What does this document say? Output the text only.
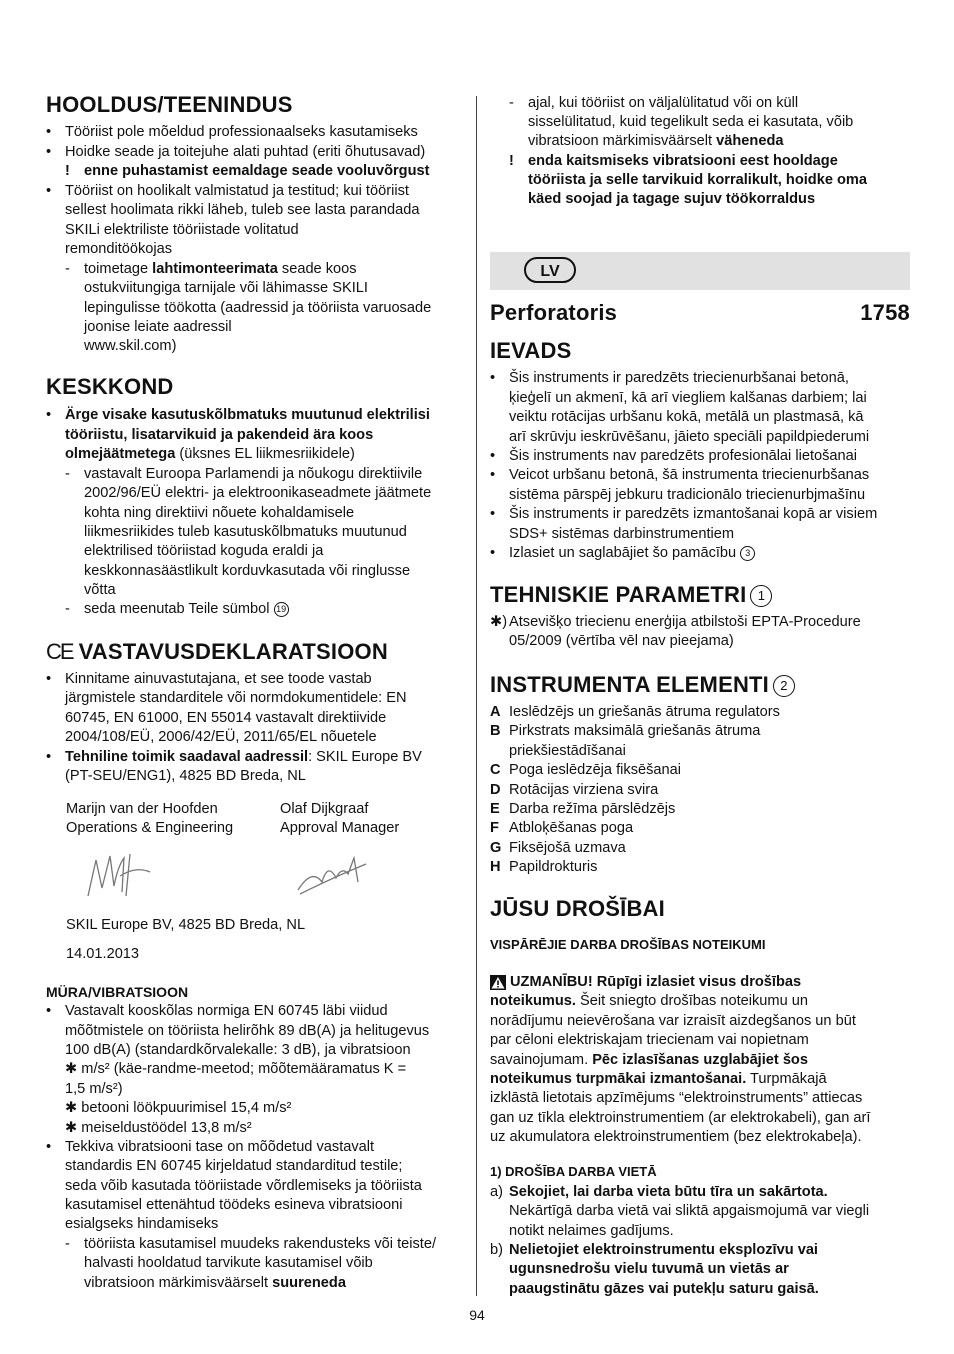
HOOLDUS/TEENINDUS
• Tööriist pole mõeldud professionaalseks kasutamiseks
• Hoidke seade ja toitejuhe alati puhtad (eriti õhutusavad)
! enne puhastamist eemaldage seade vooluvõrgust
• Tööriist on hoolikalt valmistatud ja testitud; kui tööriist
sellest hoolimata rikki läheb, tuleb see lasta parandada
SKILi elektriliste tööriistade volitatud
remonditöökojas
- toimetage lahtimonteerimata seade koos
ostukviitungiga tarnijale või lähimasse SKILI
lepingulisse töökotta (aadressid ja tööriista varuosade
joonise leiate aadressil
www.skil.com)
KESKKOND
• Ärge visake kasutuskõlbmatuks muutunud elektrilisi
tööriistu, lisatarvikuid ja pakendeid ära koos
olmejäätmetega (üksnes EL liikmesriikidele)
- vastavalt Euroopa Parlamendi ja nõukogu direktiivile
2002/96/EÜ elektri- ja elektroonikaseadmete jäätmete
kohta ning direktiivi nõuete kohaldamisele
liikmesriikides tuleb kasutuskõlbmatuks muutunud
elektrilised tööriistad koguda eraldi ja
keskkonnasäästlikult korduvkasutada või ringlusse
võtta
- seda meenutab Teile sümbol 19
CE VASTAVUSDEKLARATSIOON
• Kinnitame ainuvastutajana, et see toode vastab
järgmistele standarditele või normdokumentidele: EN
60745, EN 61000, EN 55014 vastavalt direktiivide
2004/108/EÜ, 2006/42/EÜ, 2011/65/EL nõuetele
• Tehniline toimik saadaval aadressil: SKIL Europe BV
(PT-SEU/ENG1), 4825 BD Breda, NL
Marijn van der Hoofden
Operations & Engineering
Olaf Dijkgraaf
Approval Manager
SKIL Europe BV, 4825 BD Breda, NL
14.01.2013
MÜRA/VIBRATSIOON
• Vastavalt kooskõlas normiga EN 60745 läbi viidud
mõõtmistele on tööriista helirõhk 89 dB(A) ja helitugevus
100 dB(A) (standardkõrvalekalle: 3 dB), ja vibratsioon
✱ m/s² (käe-randme-meetod; mõõtemääramatus K =
1,5 m/s²)
✱ betooni löökpuurimisel 15,4 m/s²
✱ meiseldustöödel 13,8 m/s²
• Tekkiva vibratsiooni tase on mõõdetud vastavalt
standardis EN 60745 kirjeldatud standarditud testile;
seda võib kasutada tööriistade võrdlemiseks ja tööriista
kasutamisel ettenähtud töödeks esineva vibratsiooni
esialgseks hindamiseks
- tööriista kasutamisel muudeks rakendusteks või teiste/
halvasti hooldatud tarvikute kasutamisel võib
vibratsioon märkimisväärselt suureneda
- ajal, kui tööriist on väljalülitatud või on küll
sisselülitatud, kuid tegelikult seda ei kasutata, võib
vibratsioon märkimisväärselt väheneda
! enda kaitsmiseks vibratsiooni eest hooldage
tööriista ja selle tarvikuid korralikult, hoidke oma
käed soojad ja tagage sujuv töökorraldus
LV
Perforatoris	1758
IEVADS
• Šis instruments ir paredzēts triecienurbšanai betonā,
ķieģelī un akmenī, kā arī viegliem kalšanas darbiem; lai
veiktu rotācijas urbšanu kokā, metālā un plastmasā, kā
arī skrūvju ieskrūvēšanu, jāieto speciāli papildpiederumi
• Šis instruments nav paredzēts profesionālai lietošanai
• Veicot urbšanu betonā, šā instrumenta triecienurbšanas
sistēma pārspēj jebkuru tradicionālo triecienurbjmašīnu
• Šis instruments ir paredzēts izmantošanai kopā ar visiem
SDS+ sistēmas darbinstrumentiem
• Izlasiet un saglabājiet šo pamācību 3
TEHNISKIE PARAMETRI 1
✱) Atsevišķo triecienu enerģija atbilstoši EPTA-Procedure
05/2009 (vērtība vēl nav pieejama)
INSTRUMENTA ELEMENTI 2
A Ieslēdzējs un griešanās ātruma regulators
B Pirkstrats maksimālā griešanās ātruma
priekšiestādīšanai
C Poga ieslēdzēja fiksēšanai
D Rotācijas virziena svira
E Darba režīma pārslēdzējs
F Atbloķēšanas poga
G Fiksējošā uzmava
H Papildrokturis
JŪSU DROŠĪBAI
VISPĀRĒJIE DARBA DROŠĪBAS NOTEIKUMI
UZMANĪBU! Rūpīgi izlasiet visus drošības
noteikumus. Šeit sniegto drošības noteikumu un
norādījumu neievērošana var izraisīt aizdegšanos un būt
par cēloni elektriskajam triecienam vai nopietnam
savainojumam. Pēc izlasīšanas uzglabājiet šos
noteikumus turpmākai izmantošanai. Turpmākajā
izklāstā lietotais apzīmējums “elektroinstruments” attiecas
gan uz tīkla elektroinstrumentiem (ar elektrokabeli), gan arī
uz akumulatora elektroinstrumentiem (bez elektrokabeļa).
1) DROŠĪBA DARBA VIETĀ
a) Sekojiet, lai darba vieta būtu tīra un sakārtota.
Nekārtīgā darba vietā vai sliktā apgaismojumā var viegli
notikt nelaimes gadījums.
b) Nelietojiet elektroinstrumentu eksplozīvu vai
ugunsnedrošu vielu tuvumā un vietās ar
paaugstinātu gāzes vai putekļu saturu gaisā.
94
